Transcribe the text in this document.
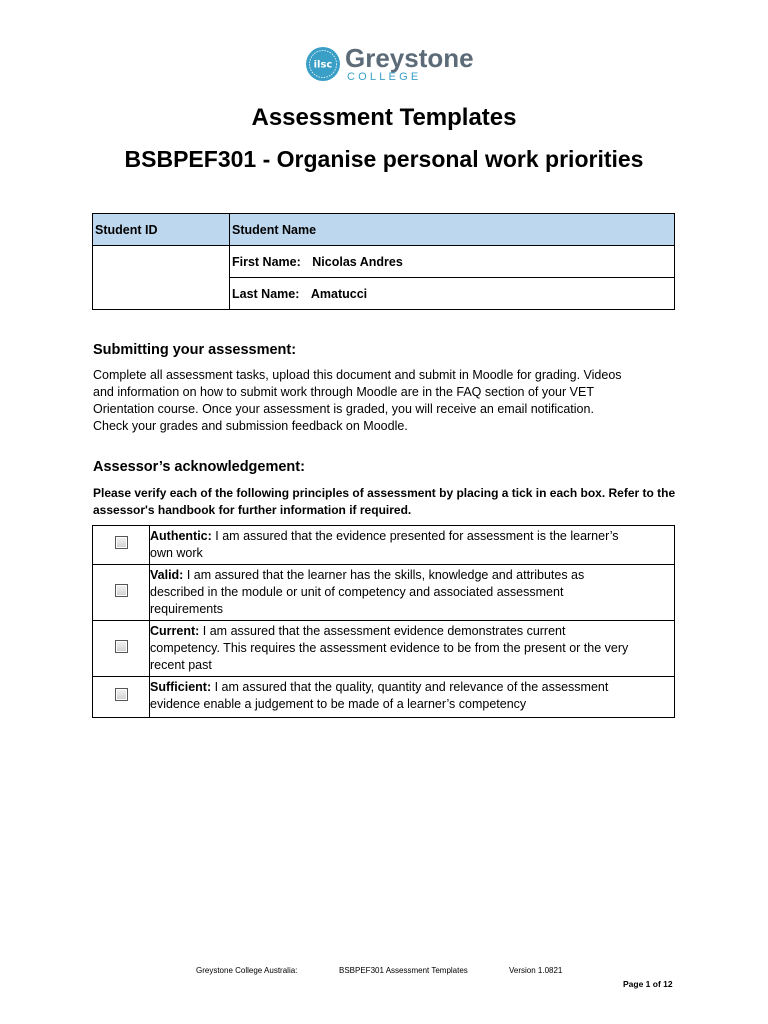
ilsc Greystone
COLLEGE
Assessment Templates
BSBPEF301 - Organise personal work priorities
Student ID	Student Name
	First Name: Nicolas Andres
	Last Name: Amatucci
Submitting your assessment:
Complete all assessment tasks, upload this document and submit in Moodle for grading. Videos
and information on how to submit work through Moodle are in the FAQ section of your VET
Orientation course. Once your assessment is graded, you will receive an email notification.
Check your grades and submission feedback on Moodle.
Assessor’s acknowledgement:
Please verify each of the following principles of assessment by placing a tick in each box. Refer to the
assessor's handbook for further information if required.

	Authentic: I am assured that the evidence presented for assessment is the learner’s
own work

	Valid: I am assured that the learner has the skills, knowledge and attributes as
described in the module or unit of competency and associated assessment
requirements

	Current: I am assured that the assessment evidence demonstrates current
competency. This requires the assessment evidence to be from the present or the very
recent past

	Sufficient: I am assured that the quality, quantity and relevance of the assessment
evidence enable a judgement to be made of a learner’s competency
Greystone College Australia:	BSBPEF301 Assessment Templates	Version 1.0821
Page 1 of 12
